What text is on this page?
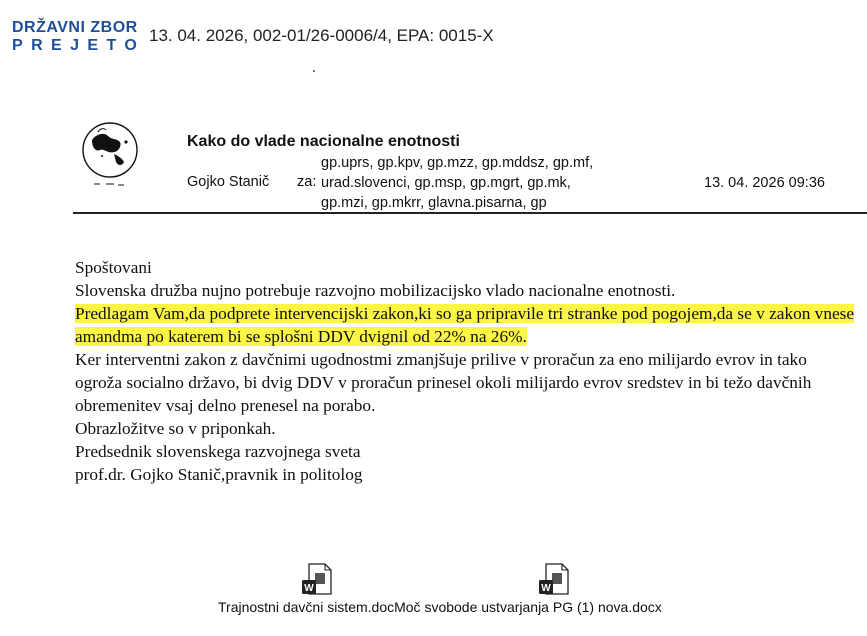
DRŽAVNI ZBOR
PREJETO
13. 04. 2026, 002-01/26-0006/4, EPA: 0015-X
Kako do vlade nacionalne enotnosti
Gojko Stanič za:
gp.uprs, gp.kpv, gp.mzz, gp.mddsz, gp.mf,
urad.slovenci, gp.msp, gp.mgrt, gp.mk,
gp.mzi, gp.mkrr, glavna.pisarna, gp
13. 04. 2026 09:36

Spoštovani

Slovenska družba nujno potrebuje razvojno mobilizacijsko vlado nacionalne enotnosti.

Predlagam Vam,da podprete intervencijski zakon,ki so ga pripravile tri stranke pod pogojem,da se v zakon vnese amandma po katerem bi se splošni DDV dvignil od 22% na 26%.

Ker interventni zakon z davčnimi ugodnostmi zmanjšuje prilive v proračun za eno milijardo evrov in tako ogroža socialno državo, bi dvig DDV v proračun prinesel okoli milijardo evrov sredstev in bi težo davčnih obremenitev vsaj delno prenesel na porabo.

Obrazložitve so v priponkah.

Predsednik slovenskega razvojnega sveta

prof.dr. Gojko Stanič,pravnik in politolog

W	W
Trajnostni davčni sistem.docMoč svobode ustvarjanja PG (1) nova.docx
